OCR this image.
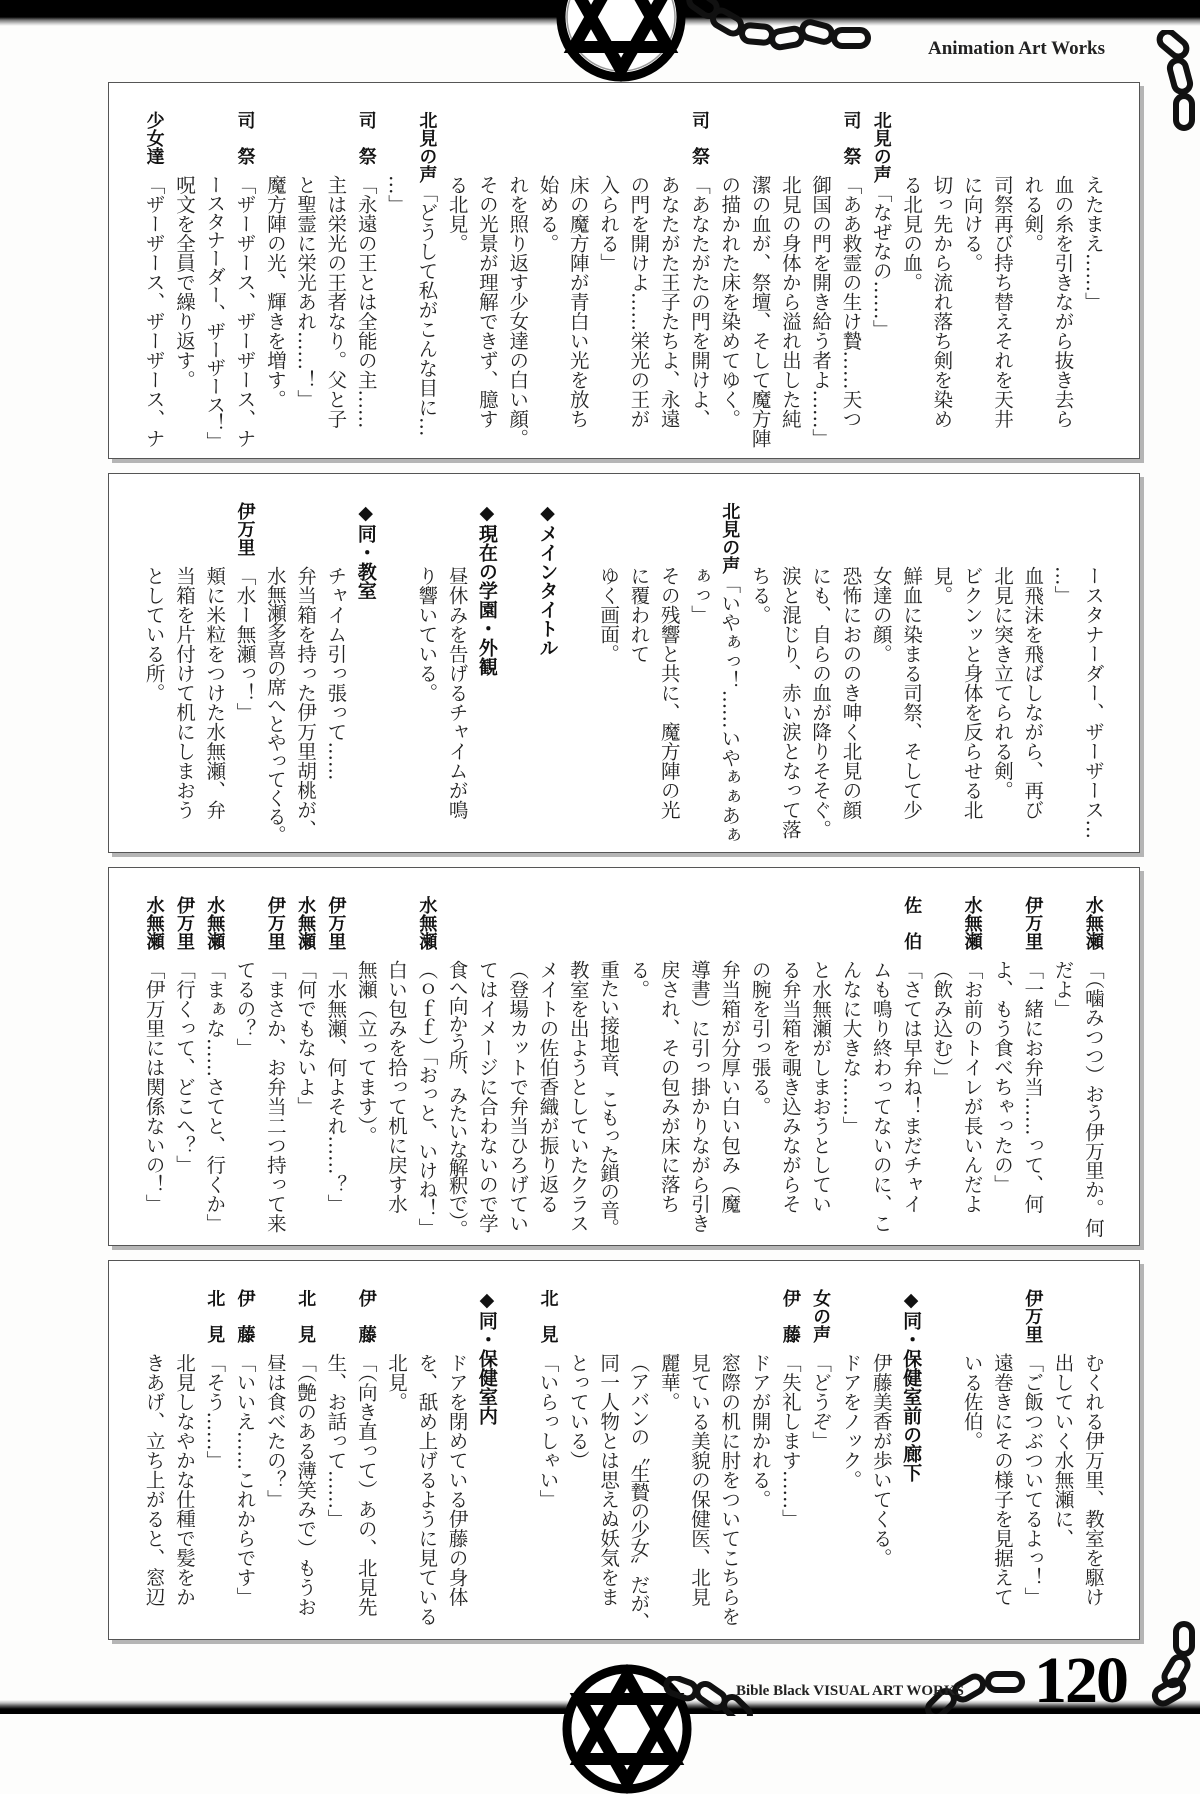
Animation Art Works
Bible Black VISUAL ART WORKS 120
えたまえ……」
血の糸を引きながら抜き去ら
れる剣。
司祭再び持ち替えそれを天井
に向ける。
切っ先から流れ落ち剣を染め
る北見の血。
北見の声
「なぜなの……」
司　祭
「ああ救霊の生け贄……天つ
御国の門を開き給う者よ……」
北見の身体から溢れ出した純
潔の血が、祭壇、そして魔方陣
の描かれた床を染めてゆく。
司　祭
「あなたがたの門を開けよ、
あなたがた王子たちよ、永遠
の門を開けよ……栄光の王が
入られる」
床の魔方陣が青白い光を放ち
始める。
れを照り返す少女達の白い顔。
その光景が理解できず、臆す
る北見。
北見の声
「どうして私がこんな目に…
…」
司　祭
「永遠の王とは全能の主……
主は栄光の王者なり。父と子
と聖霊に栄光あれ……！」
魔方陣の光、輝きを増す。
司　祭
「ザーザース、ザーザース、ナ
ースタナーダー、ザーザース！」
呪文を全員で繰り返す。
少女達
「ザーザース、ザーザース、ナ
ースタナーダー、ザーザース…
…」
血飛沫を飛ばしながら、再び
北見に突き立てられる剣。
ビクンッと身体を反らせる北
見。
鮮血に染まる司祭、そして少
女達の顔。
恐怖におののき呻く北見の顔
にも、自らの血が降りそそぐ。
涙と混じり、赤い涙となって落
ちる。
北見の声
「いやぁっ！……いやぁぁあぁ
ぁっ」
その残響と共に、魔方陣の光
に覆われて
ゆく画面。
◆メインタイトル
◆現在の学園・外観
昼休みを告げるチャイムが鳴
り響いている。
◆同・教室
チャイム引っ張って……
弁当箱を持った伊万里胡桃が、
水無瀬多喜の席へとやってくる。
伊万里
「水ー無瀬っ！」
頬に米粒をつけた水無瀬、弁
当箱を片付けて机にしまおう
としている所。
水無瀬
「（噛みつつ）おう伊万里か。何
だよ」
伊万里
「一緒にお弁当……って、何
よ、もう食べちゃったの」
水無瀬
「お前のトイレが長いんだよ
（飲み込む）」
佐　伯
「さては早弁ね！まだチャイ
ムも鳴り終わってないのに、こ
んなに大きな……」
と水無瀬がしまおうとしてい
る弁当箱を覗き込みながらそ
の腕を引っ張る。
弁当箱が分厚い白い包み（魔
導書）に引っ掛かりながら引き
戻され、その包みが床に落ち
る。
重たい接地音、こもった鎖の音。
教室を出ようとしていたクラス
メイトの佐伯香織が振り返る
（登場カットで弁当ひろげてい
てはイメージに合わないので学
食へ向かう所、みたいな解釈で）。
水無瀬
（ｏｆｆ）「おっと、いけね！」
白い包みを拾って机に戻す水
無瀬（立ってます）。
伊万里
「水無瀬、何よそれ……？」
水無瀬
「何でもないよ」
伊万里
「まさか、お弁当二つ持って来
てるの？」
水無瀬
「まぁな……さてと、行くか」
伊万里
「行くって、どこへ？」
水無瀬
「伊万里には関係ないの！」
むくれる伊万里、教室を駆け
出していく水無瀬に、
伊万里
「ご飯つぶついてるよっ！」
遠巻きにその様子を見据えて
いる佐伯。
◆同・保健室前の廊下
伊藤美香が歩いてくる。
ドアをノック。
女の声
「どうぞ」
伊　藤
「失礼します……」
ドアが開かれる。
窓際の机に肘をついてこちらを
見ている美貌の保健医、北見
麗華。
（アバンの〝生贄の少女〟だが、
同一人物とは思えぬ妖気をま
とっている）
北　見
「いらっしゃい」
◆同・保健室内
ドアを閉めている伊藤の身体
を、舐め上げるように見ている
北見。
伊　藤
「（向き直って）あの、北見先
生、お話って……」
北　見
「（艶のある薄笑みで）もうお
昼は食べたの？」
伊　藤
「いいえ……これからです」
北　見
「そう……」
北見しなやかな仕種で髪をか
きあげ、立ち上がると、窓辺
